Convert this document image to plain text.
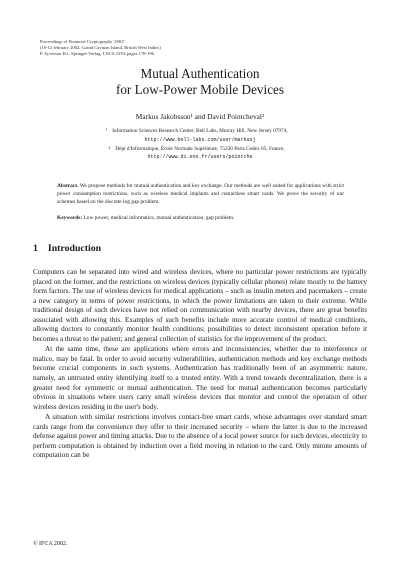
Proceedings of Financial Cryptography '2002'
(10-12 february 2002, Grand Cayman Island, British West Indies)
P. Syverson Ed., Springer-Verlag, LNCS 2339, pages 178-196.
Mutual Authentication
for Low-Power Mobile Devices
Markus Jakobsson¹ and David Pointcheval²
1 Information Sciences Research Center, Bell Labs, Murray Hill, New Jersey 07974,
http://www.bell-labs.com/user/markusj
2 Dépt d'Informatique, École Normale Supérieure, 75230 Paris Cedex 05, France,
http://www.di.ens.fr/users/pointche
Abstract. We propose methods for mutual authentication and key exchange. Our methods are well suited for applications with strict power consumption restrictions, such as wireless medical implants and contactless smart cards. We prove the security of our schemes based on the discrete log gap problem.
Keywords: Low power, medical informatics, mutual authentication, gap problem.
1 Introduction

Computers can be separated into wired and wireless devices, where no particular power restrictions are typically placed on the former, and the restrictions on wireless devices (typically cellular phones) relate mostly to the battery form factors. The use of wireless devices for medical applications – such as insulin meters and pacemakers – create a new category in terms of power restrictions, in which the power limitations are taken to their extreme. While traditional design of such devices have not relied on communication with nearby devices, there are great benefits associated with allowing this. Examples of such benefits include more accurate control of medical conditions, allowing doctors to constantly monitor health conditions; possibilities to detect inconsistent operation before it becomes a threat to the patient; and general collection of statistics for the improvement of the product.

At the same time, these are applications where errors and inconsistencies, whether due to interference or malice, may be fatal. In order to avoid security vulnerabilities, authentication methods and key exchange methods become crucial components in such systems. Authentication has traditionally been of an asymmetric nature, namely, an untrusted entity identifying itself to a trusted entity. With a trend towards decentralization, there is a greater need for symmetric or mutual authentication. The need for mutual authentication becomes particularly obvious in situations where users carry small wireless devices that monitor and control the operation of other wireless devices residing in the user's body.

A situation with similar restrictions involves contact-free smart cards, whose advantages over standard smart cards range from the convenience they offer to their increased security – where the latter is due to the increased defense against power and timing attacks. Due to the absence of a local power source for such devices, electricity to perform computation is obtained by induction over a field moving in relation to the card. Only minute amounts of computation can be

© IFCA 2002.
